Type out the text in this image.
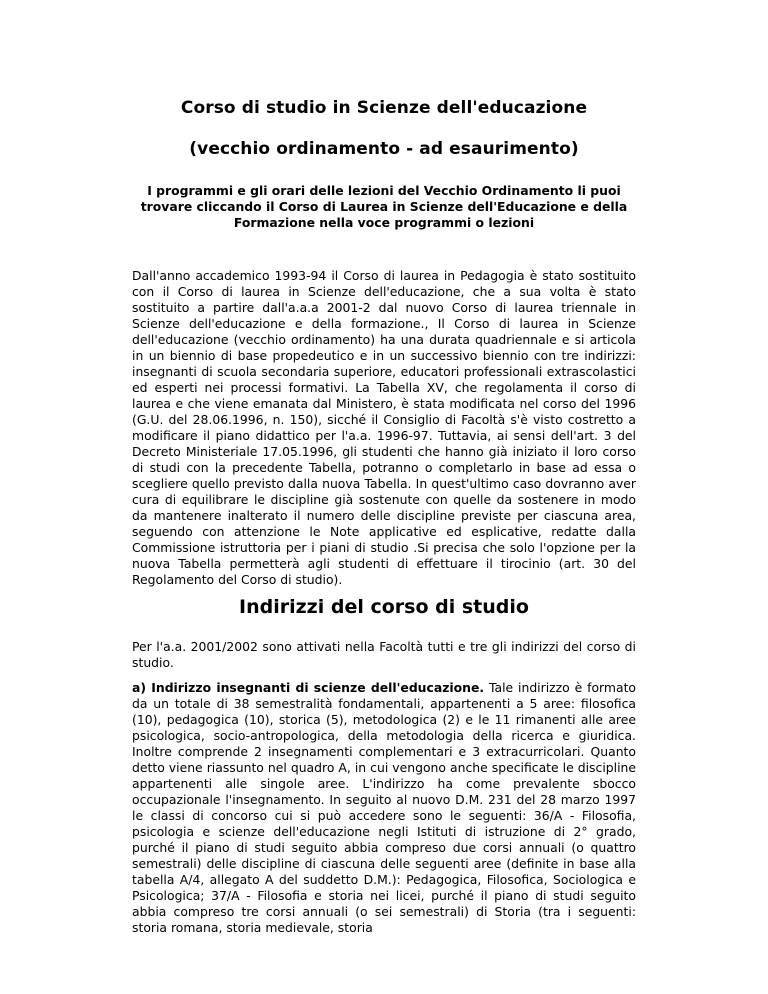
Corso di studio in Scienze dell'educazione
(vecchio ordinamento - ad esaurimento)

I programmi e gli orari delle lezioni del Vecchio Ordinamento li puoi trovare cliccando il Corso di Laurea in Scienze dell'Educazione e della Formazione nella voce programmi o lezioni

Dall'anno accademico 1993-94 il Corso di laurea in Pedagogia è stato sostituito con il Corso di laurea in Scienze dell'educazione, che a sua volta è stato sostituito a partire dall'a.a.a 2001-2 dal nuovo Corso di laurea triennale in Scienze dell'educazione e della formazione., Il Corso di laurea in Scienze dell'educazione (vecchio ordinamento) ha una durata quadriennale e si articola in un biennio di base propedeutico e in un successivo biennio con tre indirizzi: insegnanti di scuola secondaria superiore, educatori professionali extrascolastici ed esperti nei processi formativi. La Tabella XV, che regolamenta il corso di laurea e che viene emanata dal Ministero, è stata modificata nel corso del 1996 (G.U. del 28.06.1996, n. 150), sicché il Consiglio di Facoltà s'è visto costretto a modificare il piano didattico per l'a.a. 1996-97. Tuttavia, ai sensi dell'art. 3 del Decreto Ministeriale 17.05.1996, gli studenti che hanno già iniziato il loro corso di studi con la precedente Tabella, potranno o completarlo in base ad essa o scegliere quello previsto dalla nuova Tabella. In quest'ultimo caso dovranno aver cura di equilibrare le discipline già sostenute con quelle da sostenere in modo da mantenere inalterato il numero delle discipline previste per ciascuna area, seguendo con attenzione le Note applicative ed esplicative, redatte dalla Commissione istruttoria per i piani di studio .Si precisa che solo l'opzione per la nuova Tabella permetterà agli studenti di effettuare il tirocinio (art. 30 del Regolamento del Corso di studio).

Indirizzi del corso di studio

Per l'a.a. 2001/2002 sono attivati nella Facoltà tutti e tre gli indirizzi del corso di studio.

a) Indirizzo insegnanti di scienze dell'educazione. Tale indirizzo è formato da un totale di 38 semestralità fondamentali, appartenenti a 5 aree: filosofica (10), pedagogica (10), storica (5), metodologica (2) e le 11 rimanenti alle aree psicologica, socio-antropologica, della metodologia della ricerca e giuridica. Inoltre comprende 2 insegnamenti complementari e 3 extracurricolari. Quanto detto viene riassunto nel quadro A, in cui vengono anche specificate le discipline appartenenti alle singole aree. L'indirizzo ha come prevalente sbocco occupazionale l'insegnamento. In seguito al nuovo D.M. 231 del 28 marzo 1997 le classi di concorso cui si può accedere sono le seguenti: 36/A - Filosofia, psicologia e scienze dell'educazione negli Istituti di istruzione di 2° grado, purché il piano di studi seguito abbia compreso due corsi annuali (o quattro semestrali) delle discipline di ciascuna delle seguenti aree (definite in base alla tabella A/4, allegato A del suddetto D.M.): Pedagogica, Filosofica, Sociologica e Psicologica; 37/A - Filosofia e storia nei licei, purché il piano di studi seguito abbia compreso tre corsi annuali (o sei semestrali) di Storia (tra i seguenti: storia romana, storia medievale, storia
